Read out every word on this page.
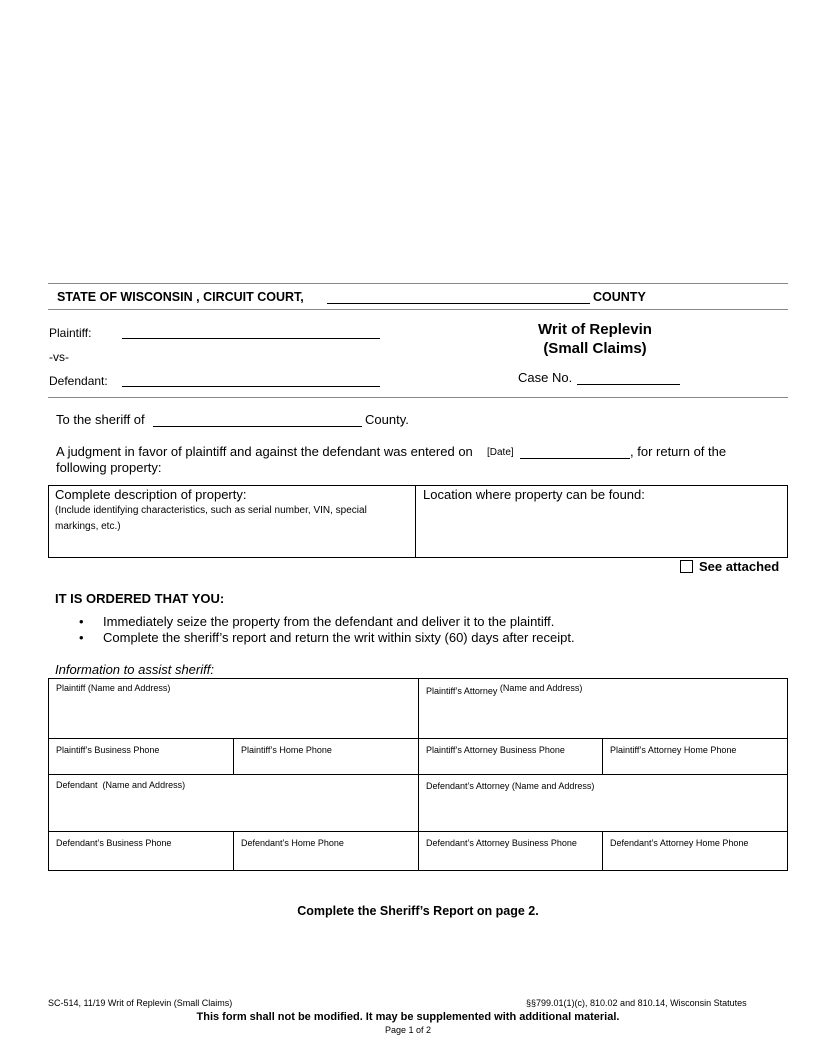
STATE OF WISCONSIN , CIRCUIT COURT,	COUNTY
Plaintiff:
-vs-
Defendant:
Writ of Replevin
(Small Claims)
Case No.
To the sheriff of	County.
A judgment in favor of plaintiff and against the defendant was entered on [Date]	, for return of the
following property:
Complete description of property:
(Include identifying characteristics, such as serial number, VIN, special markings, etc.)
Location where property can be found:
See attached
IT IS ORDERED THAT YOU:
• Immediately seize the property from the defendant and deliver it to the plaintiff.
• Complete the sheriff’s report and return the writ within sixty (60) days after receipt.
Information to assist sheriff:
Plaintiff (Name and Address)	Plaintiff’s Attorney (Name and Address)
Plaintiff’s Business Phone	Plaintiff’s Home Phone	Plaintiff’s Attorney Business Phone	Plaintiff’s Attorney Home Phone
Defendant  (Name and Address)	Defendant’s Attorney (Name and Address)
Defendant’s Business Phone	Defendant’s Home Phone	Defendant’s Attorney Business Phone	Defendant’s Attorney Home Phone
Complete the Sheriff’s Report on page 2.
SC-514, 11/19 Writ of Replevin (Small Claims)	§§799.01(1)(c), 810.02 and 810.14, Wisconsin Statutes
This form shall not be modified. It may be supplemented with additional material.
Page 1 of 2
